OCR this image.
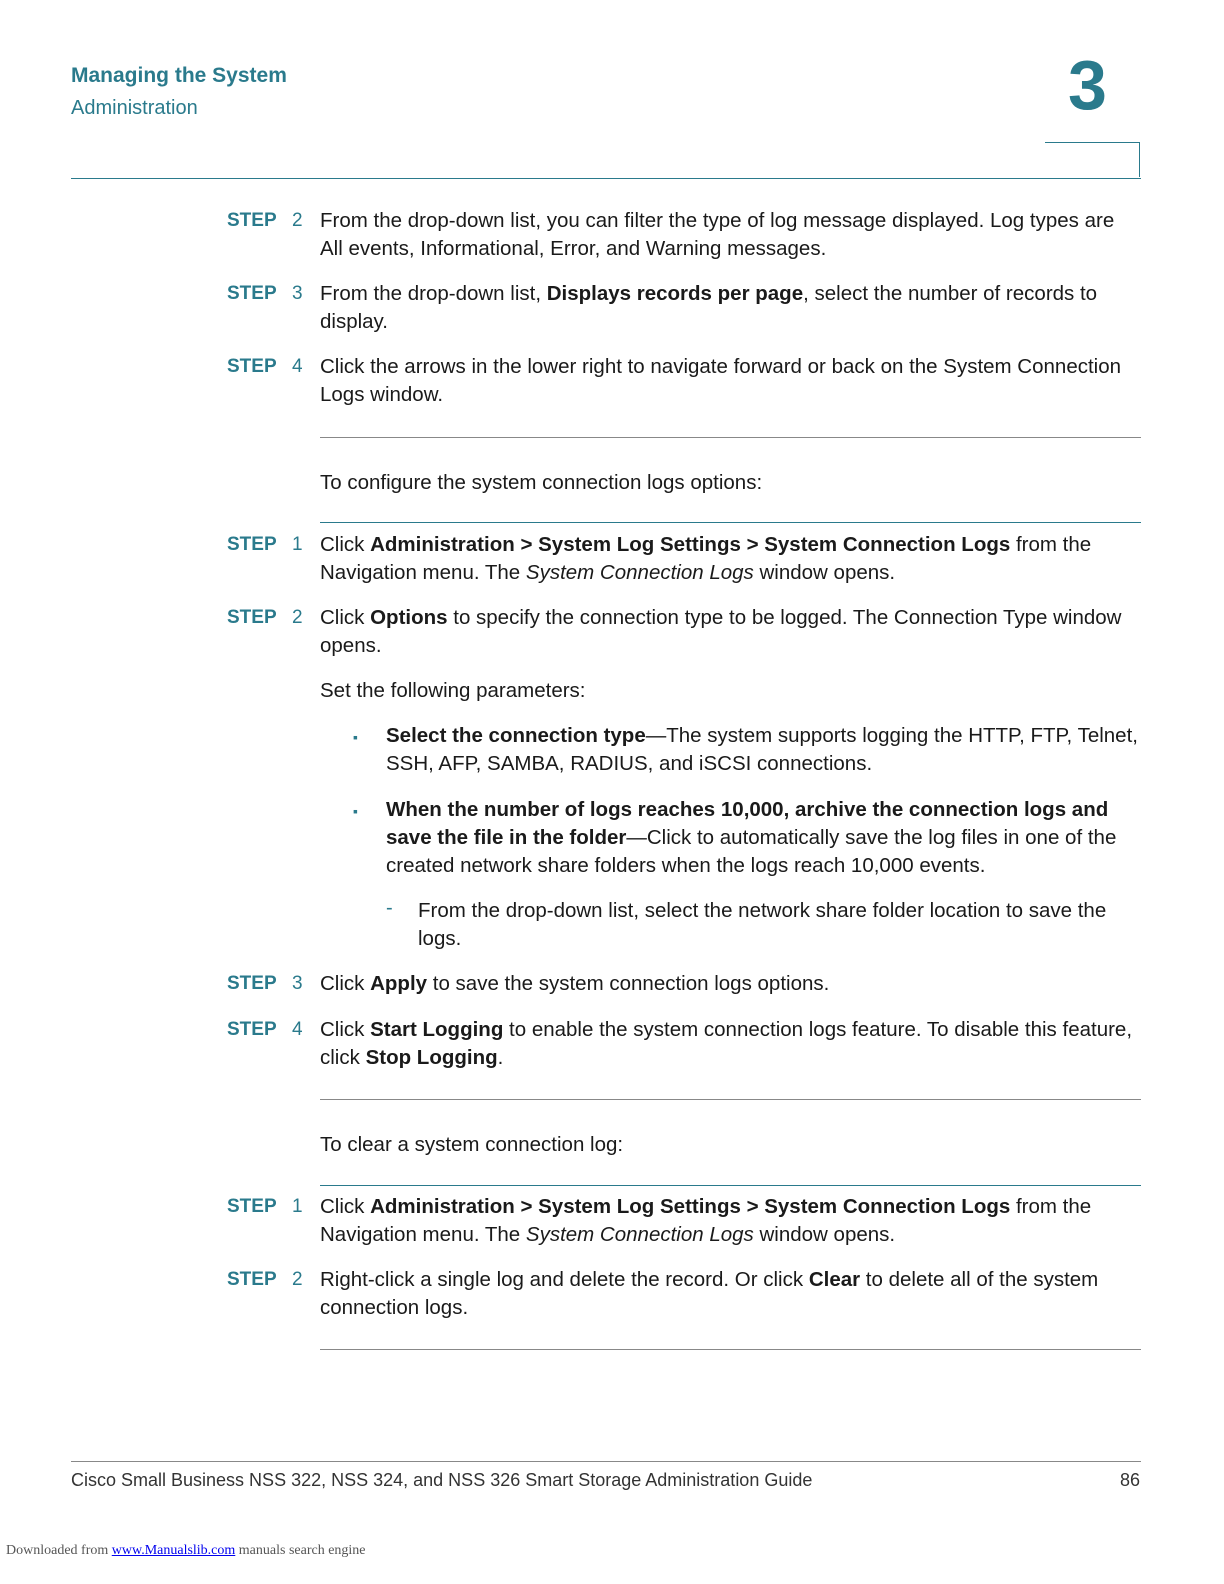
Managing the System
Administration	3
STEP 2 From the drop-down list, you can filter the type of log message displayed. Log types are All events, Informational, Error, and Warning messages.
STEP 3 From the drop-down list, Displays records per page, select the number of records to display.
STEP 4 Click the arrows in the lower right to navigate forward or back on the System Connection Logs window.
To configure the system connection logs options:
STEP 1 Click Administration > System Log Settings > System Connection Logs from the Navigation menu. The System Connection Logs window opens.
STEP 2 Click Options to specify the connection type to be logged. The Connection Type window opens.
Set the following parameters:
▪ Select the connection type—The system supports logging the HTTP, FTP, Telnet, SSH, AFP, SAMBA, RADIUS, and iSCSI connections.
▪ When the number of logs reaches 10,000, archive the connection logs and save the file in the folder—Click to automatically save the log files in one of the created network share folders when the logs reach 10,000 events.
- From the drop-down list, select the network share folder location to save the logs.
STEP 3 Click Apply to save the system connection logs options.
STEP 4 Click Start Logging to enable the system connection logs feature. To disable this feature, click Stop Logging.
To clear a system connection log:
STEP 1 Click Administration > System Log Settings > System Connection Logs from the Navigation menu. The System Connection Logs window opens.
STEP 2 Right-click a single log and delete the record. Or click Clear to delete all of the system connection logs.
Cisco Small Business NSS 322, NSS 324, and NSS 326 Smart Storage Administration Guide	86
Downloaded from www.Manualslib.com manuals search engine
